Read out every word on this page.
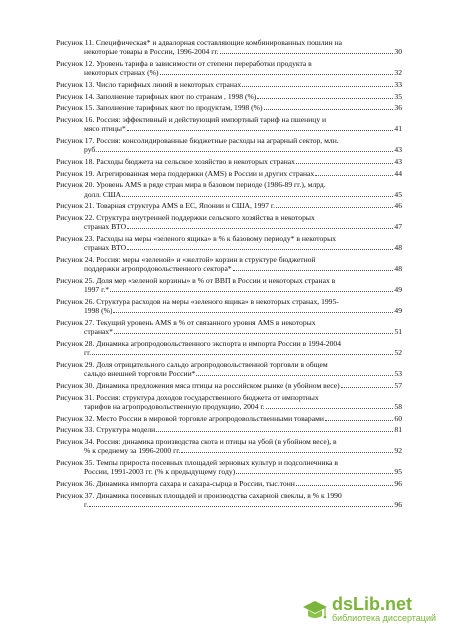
Рисунок 11. Специфическая* и адвалорная составляющие комбинированных пошлин на
некоторые товары в России, 1996-2004 гг.	30
Рисунок 12. Уровень тарифа в зависимости от степени переработки продукта в
некоторых странах (%)	32
Рисунок 13. Число тарифных линий в некоторых странах	33
Рисунок 14. Заполнение тарифных квот по странам , 1998 (%)	35
Рисунок 15. Заполнение тарифных квот по продуктам, 1998 (%)	36
Рисунок 16. Россия: эффективный и действующий импортный тариф на пшеницу и
мясо птицы*	41
Рисунок 17. Россия: консолидированные бюджетные расходы на аграрный сектор, млн.
руб.	43
Рисунок 18. Расходы бюджета на сельское хозяйство в некоторых странах	43
Рисунок 19. Агрегированная мера поддержки (AMS) в России и других странах	44
Рисунок 20. Уровень AMS в ряде стран мира в базовом периоде (1986-89 гг.), млрд.
долл. США	45
Рисунок 21. Товарная структура AMS в ЕС, Японии и США, 1997 г.	46
Рисунок 22. Структура внутренней поддержки сельского хозяйства в некоторых
странах ВТО	47
Рисунок 23. Расходы на меры «зеленого ящика» в % к базовому периоду* в некоторых
странах ВТО	48
Рисунок 24. Россия: меры «зеленой» и «желтой» корзин в структуре бюджетной
поддержки агропродовольственного сектора*	48
Рисунок 25. Доля мер «зеленой корзины» в % от ВВП в России и некоторых странах в
1997 г.*	49
Рисунок 26. Структура расходов на меры «зеленого ящика» в некоторых странах, 1995-
1998 (%)	49
Рисунок 27. Текущий уровень AMS в % от связанного уровня AMS в некоторых
странах*	51
Рисунок 28. Динамика агропродовольственного экспорта и импорта России в 1994-2004
гг.	52
Рисунок 29. Доля отрицательного сальдо агропродовольственной торговли в общем
сальдо внешней торговли России*	53
Рисунок 30. Динамика предложения мяса птицы на российском рынке (в убойном весе)	57
Рисунок 31. Россия: структура доходов государственного бюджета от импортных
тарифов на агропродовольственную продукцию, 2004 г.	58
Рисунок 32. Место России в мировой торговле агропродовольственными товарами	60
Рисунок 33. Структура модели	81
Рисунок 34. Россия: динамика производства скота и птицы на убой (в убойном весе), в
% к среднему за 1996-2000 гг.	92
Рисунок 35. Темпы прироста посевных площадей зерновых культур и подсолнечника в
России, 1991-2003 гг. (% к предыдущему году)	95
Рисунок 36. Динамика импорта сахара и сахара-сырца в России, тыс.тонн	96
Рисунок 37. Динамика посевных площадей и производства сахарной свеклы, в % к 1990
г.	96
dsLib.net
библиотека диссертаций
